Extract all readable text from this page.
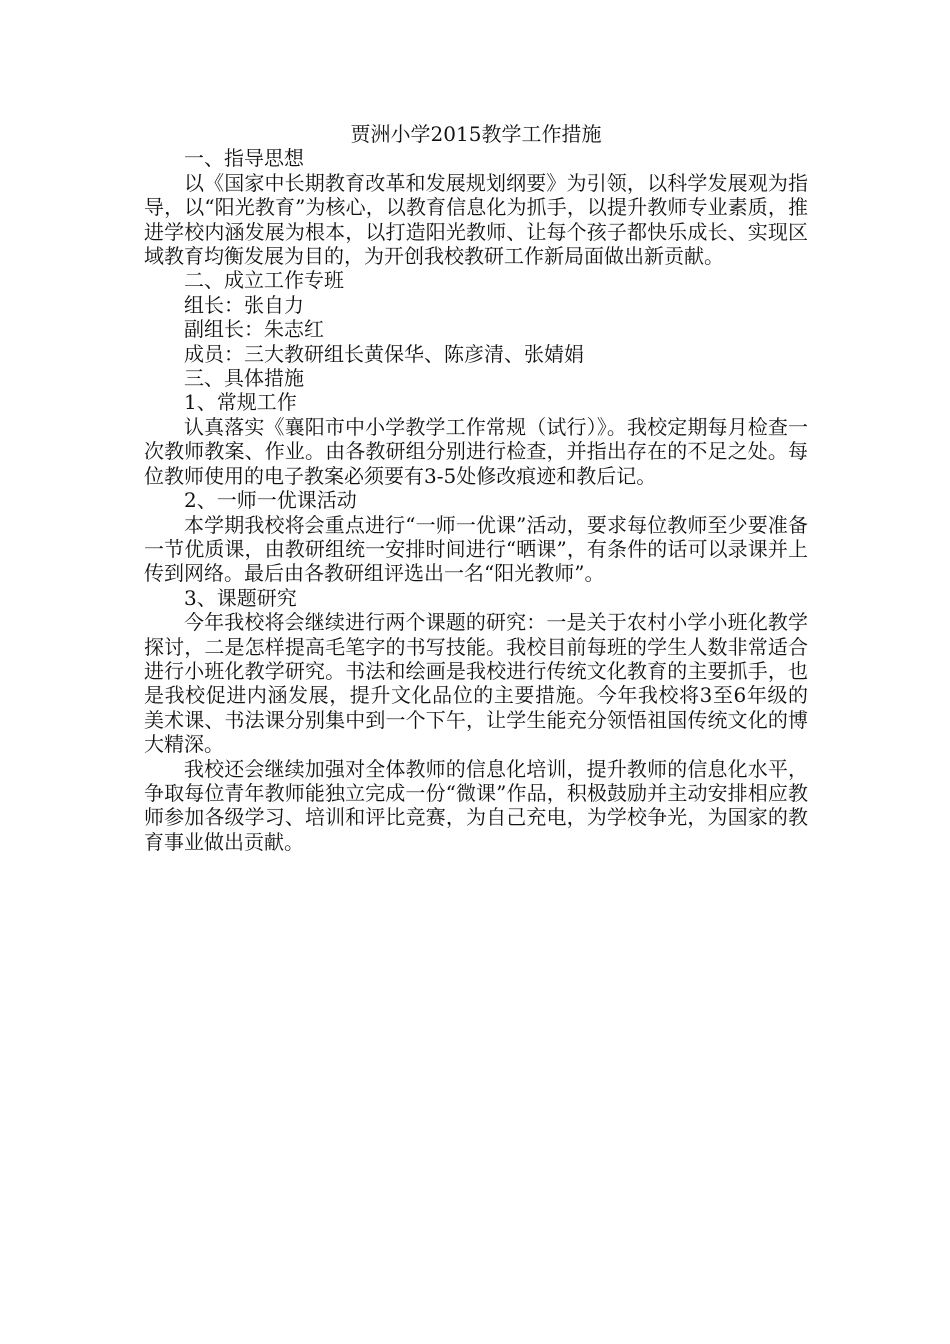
贾洲小学2015教学工作措施

一、指导思想

以《国家中长期教育改革和发展规划纲要》为引领，以科学发展观为指导，以“阳光教育”为核心，以教育信息化为抓手，以提升教师专业素质，推进学校内涵发展为根本，以打造阳光教师、让每个孩子都快乐成长、实现区域教育均衡发展为目的，为开创我校教研工作新局面做出新贡献。

二、成立工作专班

组长：张自力

副组长：朱志红

成员：三大教研组长黄保华、陈彦清、张婧娟

三、具体措施

1、常规工作

认真落实《襄阳市中小学教学工作常规（试行）》。我校定期每月检查一次教师教案、作业。由各教研组分别进行检查，并指出存在的不足之处。每位教师使用的电子教案必须要有3-5处修改痕迹和教后记。

2、一师一优课活动

本学期我校将会重点进行“一师一优课”活动，要求每位教师至少要准备一节优质课，由教研组统一安排时间进行“晒课”，有条件的话可以录课并上传到网络。最后由各教研组评选出一名“阳光教师”。

3、课题研究

今年我校将会继续进行两个课题的研究：一是关于农村小学小班化教学探讨，二是怎样提高毛笔字的书写技能。我校目前每班的学生人数非常适合进行小班化教学研究。书法和绘画是我校进行传统文化教育的主要抓手，也是我校促进内涵发展，提升文化品位的主要措施。今年我校将3至6年级的美术课、书法课分别集中到一个下午，让学生能充分领悟祖国传统文化的博大精深。

我校还会继续加强对全体教师的信息化培训，提升教师的信息化水平，争取每位青年教师能独立完成一份“微课”作品，积极鼓励并主动安排相应教师参加各级学习、培训和评比竞赛，为自己充电，为学校争光，为国家的教育事业做出贡献。
